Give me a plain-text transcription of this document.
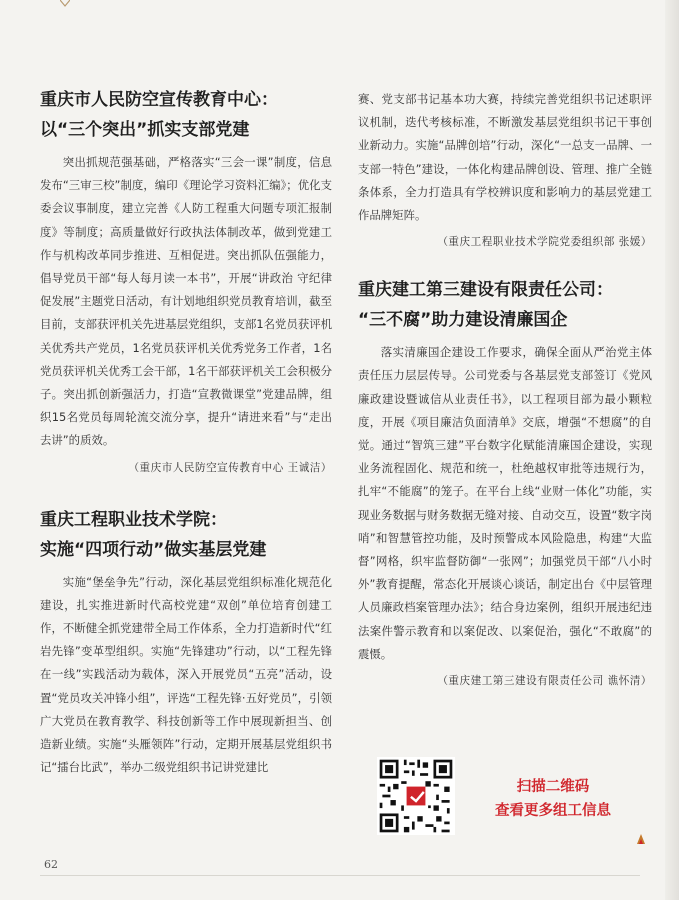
重庆市人民防空宣传教育中心：
以“三个突出”抓实支部党建

突出抓规范强基础，严格落实“三会一课”制度，信息发布“三审三校”制度，编印《理论学习资料汇编》；优化支委会议事制度，建立完善《人防工程重大问题专项汇报制度》等制度；高质量做好行政执法体制改革，做到党建工作与机构改革同步推进、互相促进。突出抓队伍强能力，倡导党员干部“每人每月读一本书”，开展“讲政治 守纪律 促发展”主题党日活动，有计划地组织党员教育培训，截至目前，支部获评机关先进基层党组织，支部1名党员获评机关优秀共产党员，1名党员获评机关优秀党务工作者，1名党员获评机关优秀工会干部，1名干部获评机关工会积极分子。突出抓创新强活力，打造“宣教微课堂”党建品牌，组织15名党员每周轮流交流分享，提升“请进来看”与“走出去讲”的质效。

（重庆市人民防空宣传教育中心 王诚洁）

重庆工程职业技术学院：
实施“四项行动”做实基层党建

实施“堡垒争先”行动，深化基层党组织标准化规范化建设，扎实推进新时代高校党建“双创”单位培育创建工作，不断健全抓党建带全局工作体系，全力打造新时代“红岩先锋”变革型组织。实施“先锋建功”行动，以“工程先锋在一线”实践活动为载体，深入开展党员“五亮”活动，设置“党员攻关冲锋小组”，评选“工程先锋·五好党员”，引领广大党员在教育教学、科技创新等工作中展现新担当、创造新业绩。实施“头雁领阵”行动，定期开展基层党组织书记“擂台比武”，举办二级党组织书记讲党建比

赛、党支部书记基本功大赛，持续完善党组织书记述职评议机制，迭代考核标准，不断激发基层党组织书记干事创业新动力。实施“品牌创培”行动，深化“一总支一品牌、一支部一特色”建设，一体化构建品牌创设、管理、推广全链条体系，全力打造具有学校辨识度和影响力的基层党建工作品牌矩阵。

（重庆工程职业技术学院党委组织部 张媛）

重庆建工第三建设有限责任公司：
“三不腐”助力建设清廉国企

落实清廉国企建设工作要求，确保全面从严治党主体责任压力层层传导。公司党委与各基层党支部签订《党风廉政建设暨诚信从业责任书》，以工程项目部为最小颗粒度，开展《项目廉洁负面清单》交底，增强“不想腐”的自觉。通过“智筑三建”平台数字化赋能清廉国企建设，实现业务流程固化、规范和统一，杜绝越权审批等违规行为，扎牢“不能腐”的笼子。在平台上线“业财一体化”功能，实现业务数据与财务数据无缝对接、自动交互，设置“数字岗哨”和智慧管控功能，及时预警成本风险隐患，构建“大监督”网格，织牢监督防御“一张网”；加强党员干部“八小时外”教育提醒，常态化开展谈心谈话，制定出台《中层管理人员廉政档案管理办法》；结合身边案例，组织开展违纪违法案件警示教育和以案促改、以案促治，强化“不敢腐”的震慑。

（重庆建工第三建设有限责任公司 谯怀清）

扫描二维码
查看更多组工信息
62
